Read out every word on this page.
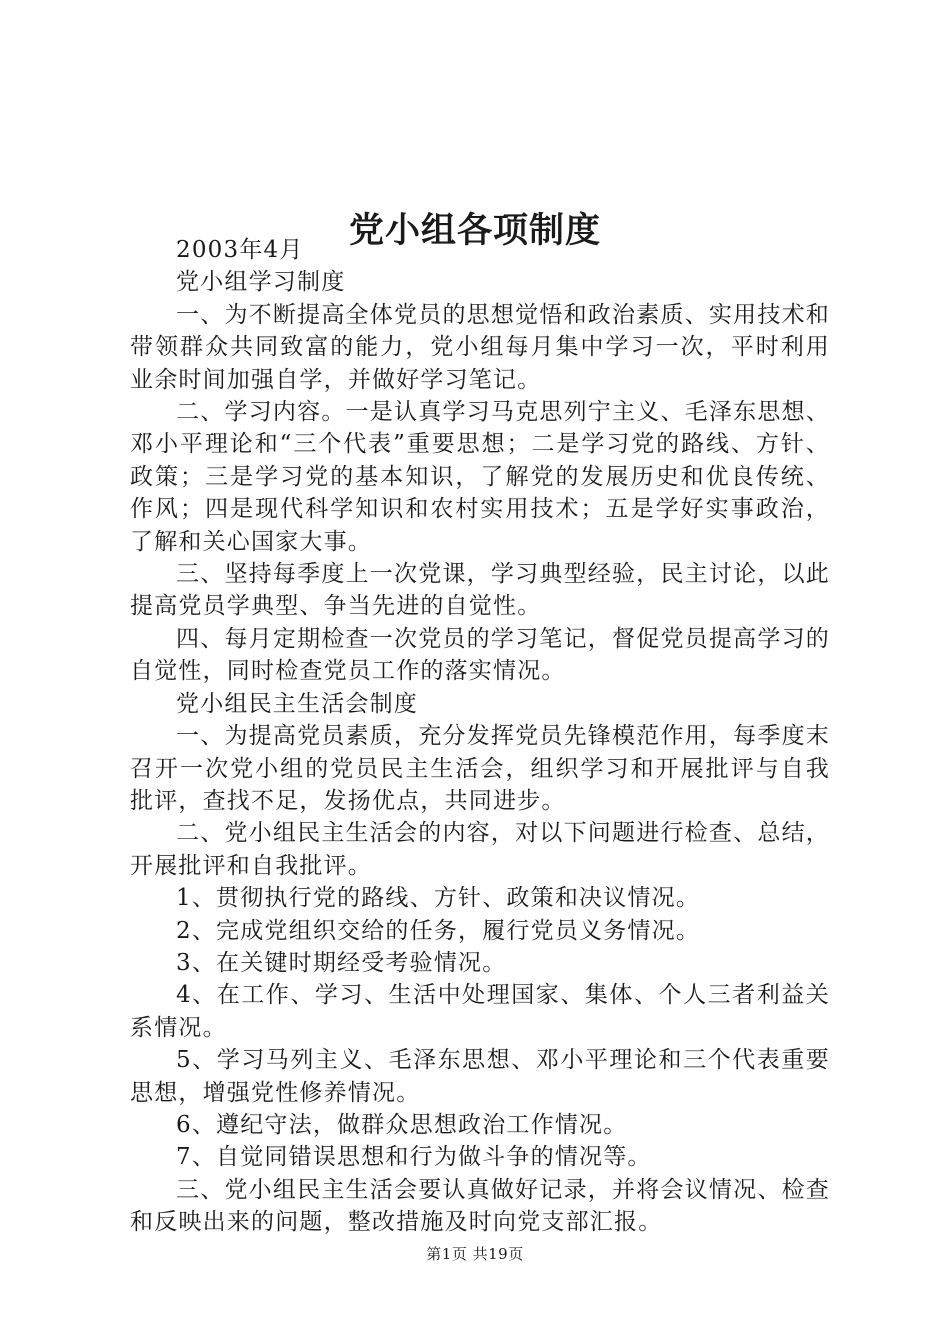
党小组各项制度

2003年4月

党小组学习制度

一、为不断提高全体党员的思想觉悟和政治素质、实用技术和带领群众共同致富的能力，党小组每月集中学习一次，平时利用业余时间加强自学，并做好学习笔记。

二、学习内容。一是认真学习马克思列宁主义、毛泽东思想、邓小平理论和“三个代表”重要思想；二是学习党的路线、方针、政策；三是学习党的基本知识，了解党的发展历史和优良传统、作风；四是现代科学知识和农村实用技术；五是学好实事政治，了解和关心国家大事。

三、坚持每季度上一次党课，学习典型经验，民主讨论，以此提高党员学典型、争当先进的自觉性。

四、每月定期检查一次党员的学习笔记，督促党员提高学习的自觉性，同时检查党员工作的落实情况。

党小组民主生活会制度

一、为提高党员素质，充分发挥党员先锋模范作用，每季度末召开一次党小组的党员民主生活会，组织学习和开展批评与自我批评，查找不足，发扬优点，共同进步。

二、党小组民主生活会的内容，对以下问题进行检查、总结，开展批评和自我批评。

1、贯彻执行党的路线、方针、政策和决议情况。

2、完成党组织交给的任务，履行党员义务情况。

3、在关键时期经受考验情况。

4、在工作、学习、生活中处理国家、集体、个人三者利益关系情况。

5、学习马列主义、毛泽东思想、邓小平理论和三个代表重要思想，增强党性修养情况。

6、遵纪守法，做群众思想政治工作情况。

7、自觉同错误思想和行为做斗争的情况等。

三、党小组民主生活会要认真做好记录，并将会议情况、检查和反映出来的问题，整改措施及时向党支部汇报。

第1页 共19页
